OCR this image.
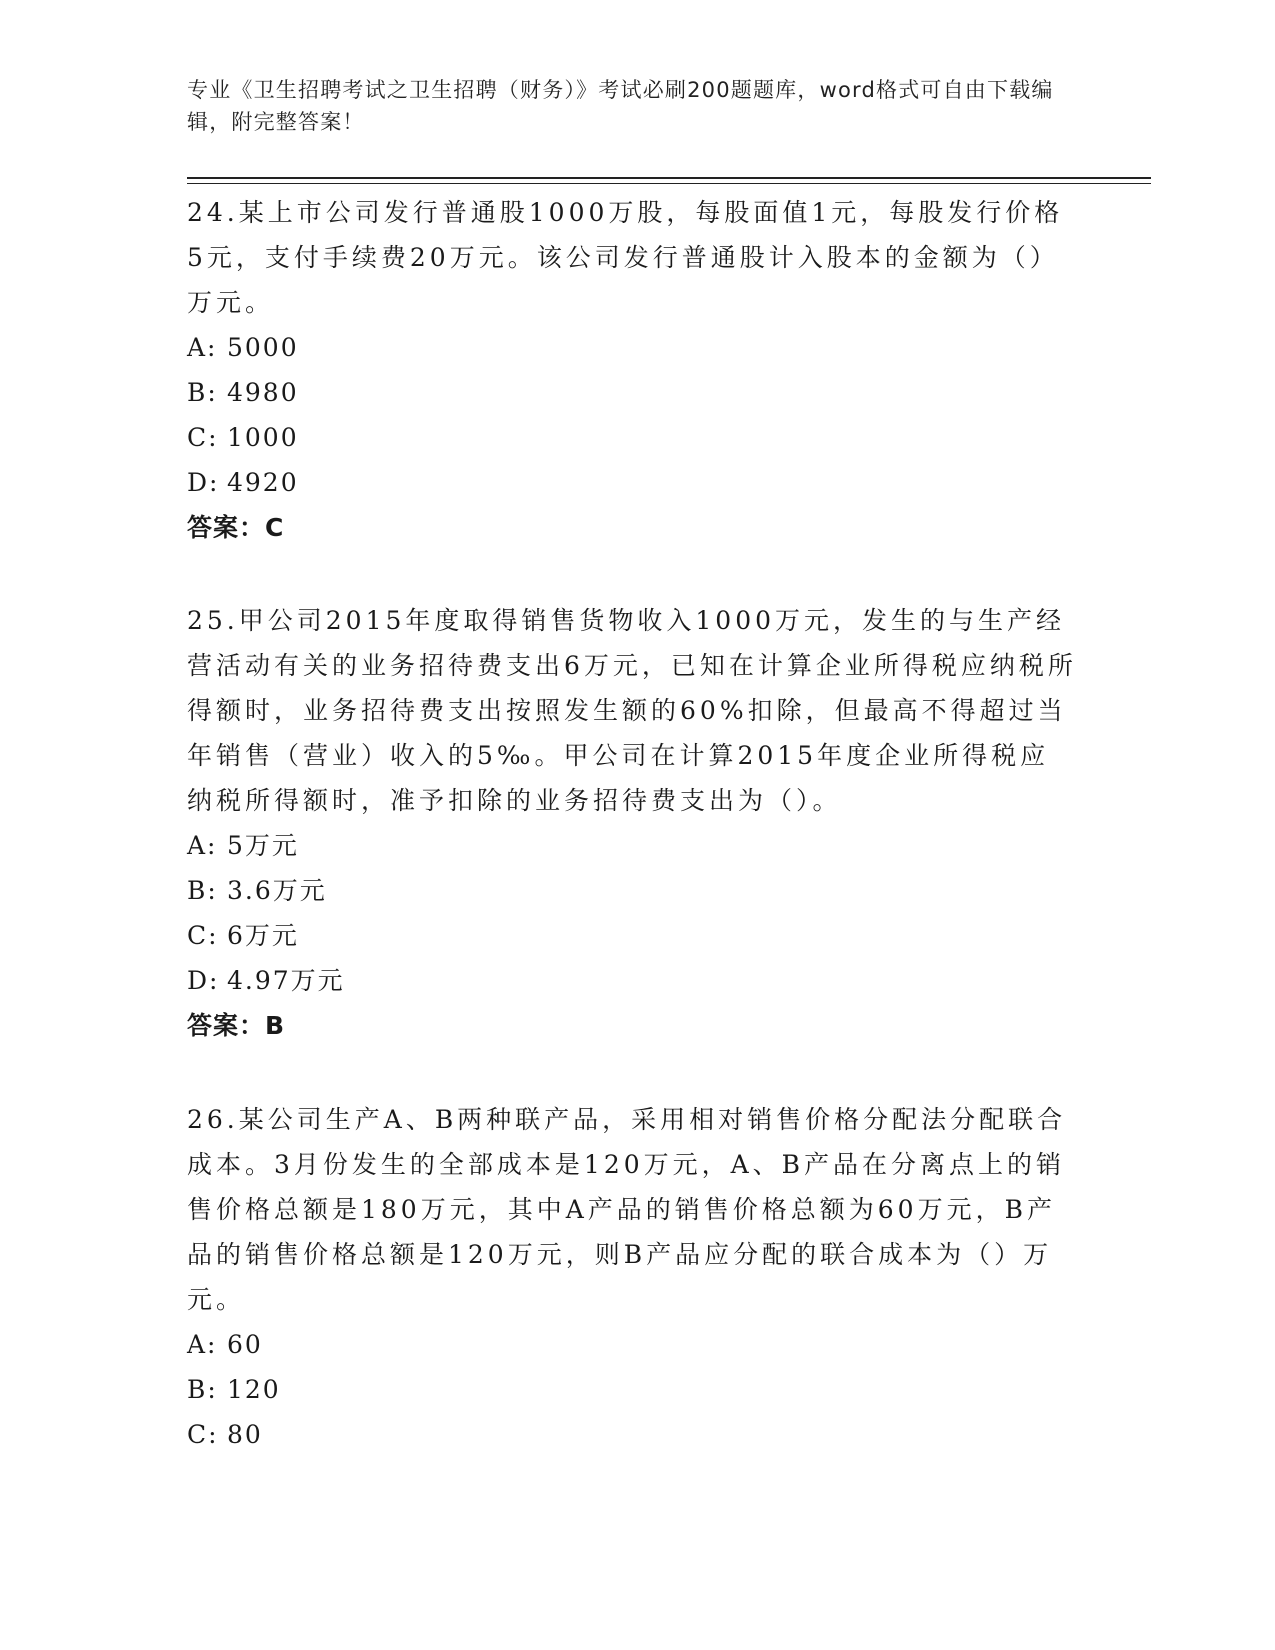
专业《卫生招聘考试之卫生招聘（财务）》考试必刷200题题库，word格式可自由下载编辑，附完整答案！

24.某上市公司发行普通股1000万股，每股面值1元，每股发行价格5元，支付手续费20万元。该公司发行普通股计入股本的金额为（）万元。

A: 5000

B: 4980

C: 1000

D: 4920

答案：C

25.甲公司2015年度取得销售货物收入1000万元，发生的与生产经营活动有关的业务招待费支出6万元，已知在计算企业所得税应纳税所得额时，业务招待费支出按照发生额的60%扣除，但最高不得超过当年销售（营业）收入的5‰。甲公司在计算2015年度企业所得税应纳税所得额时，准予扣除的业务招待费支出为（）。

A: 5万元

B: 3.6万元

C: 6万元

D: 4.97万元

答案：B

26.某公司生产A、B两种联产品，采用相对销售价格分配法分配联合成本。3月份发生的全部成本是120万元，A、B产品在分离点上的销售价格总额是180万元，其中A产品的销售价格总额为60万元，B产品的销售价格总额是120万元，则B产品应分配的联合成本为（）万元。

A: 60

B: 120

C: 80
